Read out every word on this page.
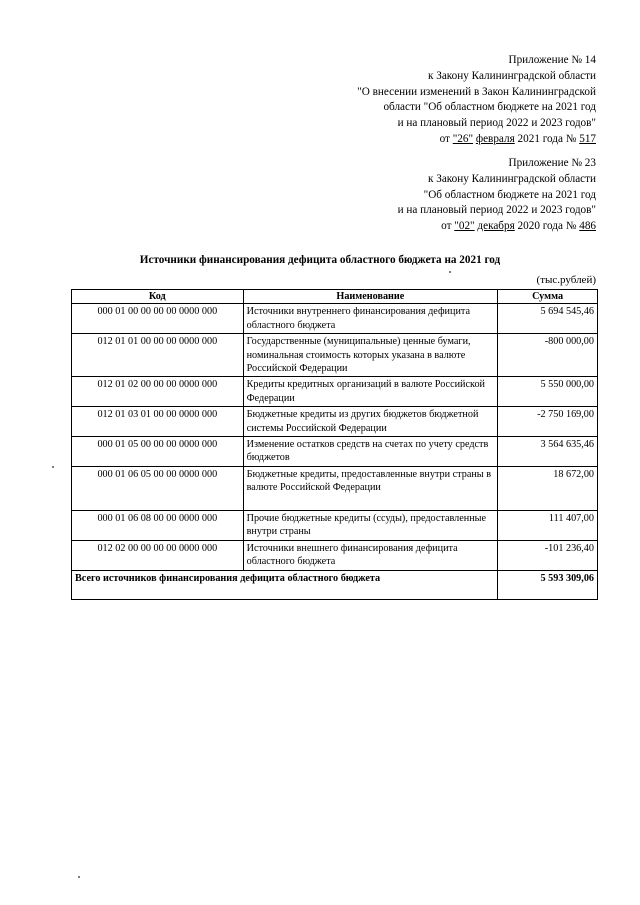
Приложение № 14
к Закону Калининградской области
"О внесении изменений в Закон Калининградской
области "Об областном бюджете на 2021 год
и на плановый период 2022 и 2023 годов"
от "26" февраля 2021 года № 517
Приложение № 23
к Закону Калининградской области
"Об областном бюджете на 2021 год
и на плановый период 2022 и 2023 годов"
от "02" декабря 2020 года № 486
Источники финансирования дефицита областного бюджета на 2021 год
(тыс.рублей)
Код	Наименование	Сумма
000 01 00 00 00 00 0000 000	Источники внутреннего финансирования дефицита областного бюджета	5 694 545,46
012 01 01 00 00 00 0000 000	Государственные (муниципальные) ценные бумаги, номинальная стоимость которых указана в валюте Российской Федерации	-800 000,00
012 01 02 00 00 00 0000 000	Кредиты кредитных организаций в валюте Российской Федерации	5 550 000,00
012 01 03 01 00 00 0000 000	Бюджетные кредиты из других бюджетов бюджетной системы Российской Федерации	-2 750 169,00
000 01 05 00 00 00 0000 000	Изменение остатков средств на счетах по учету средств бюджетов	3 564 635,46
000 01 06 05 00 00 0000 000	Бюджетные кредиты, предоставленные внутри страны в валюте Российской Федерации	18 672,00
000 01 06 08 00 00 0000 000	Прочие бюджетные кредиты (ссуды), предоставленные внутри страны	111 407,00
012 02 00 00 00 00 0000 000	Источники внешнего финансирования дефицита областного бюджета	-101 236,40
Всего источников финансирования дефицита областного бюджета		5 593 309,06
